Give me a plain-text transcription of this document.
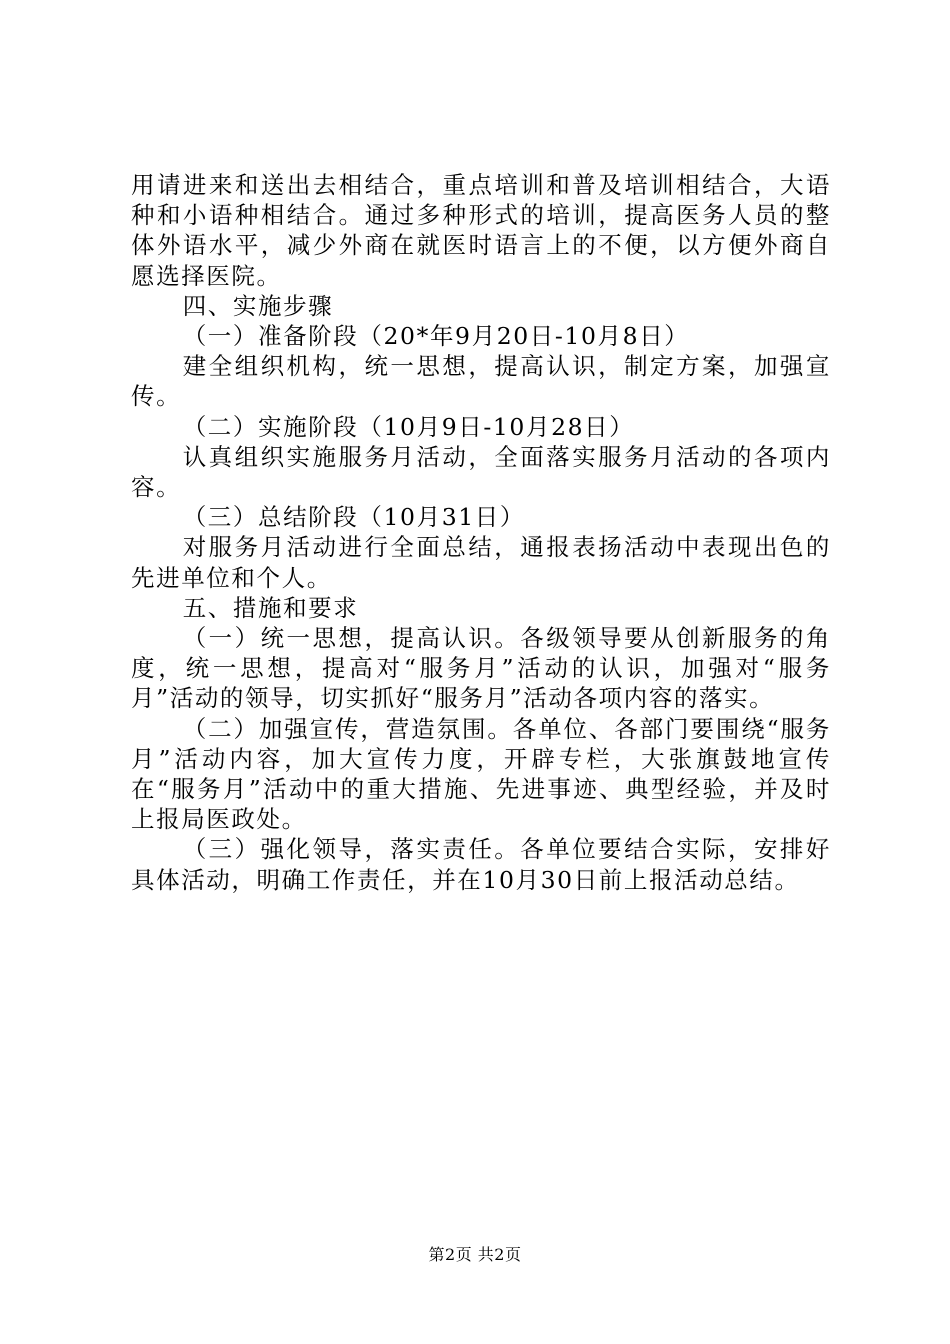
用请进来和送出去相结合，重点培训和普及培训相结合，大语种和小语种相结合。通过多种形式的培训，提高医务人员的整体外语水平，减少外商在就医时语言上的不便，以方便外商自愿选择医院。

四、实施步骤

（一）准备阶段（20*年9月20日-10月8日）

建全组织机构，统一思想，提高认识，制定方案，加强宣传。

（二）实施阶段（10月9日-10月28日）

认真组织实施服务月活动，全面落实服务月活动的各项内容。

（三）总结阶段（10月31日）

对服务月活动进行全面总结，通报表扬活动中表现出色的先进单位和个人。

五、措施和要求

（一）统一思想，提高认识。各级领导要从创新服务的角度，统一思想，提高对“服务月”活动的认识，加强对“服务月”活动的领导，切实抓好“服务月”活动各项内容的落实。

（二）加强宣传，营造氛围。各单位、各部门要围绕“服务月”活动内容，加大宣传力度，开辟专栏，大张旗鼓地宣传在“服务月”活动中的重大措施、先进事迹、典型经验，并及时上报局医政处。

（三）强化领导，落实责任。各单位要结合实际，安排好具体活动，明确工作责任，并在10月30日前上报活动总结。

第2页 共2页
